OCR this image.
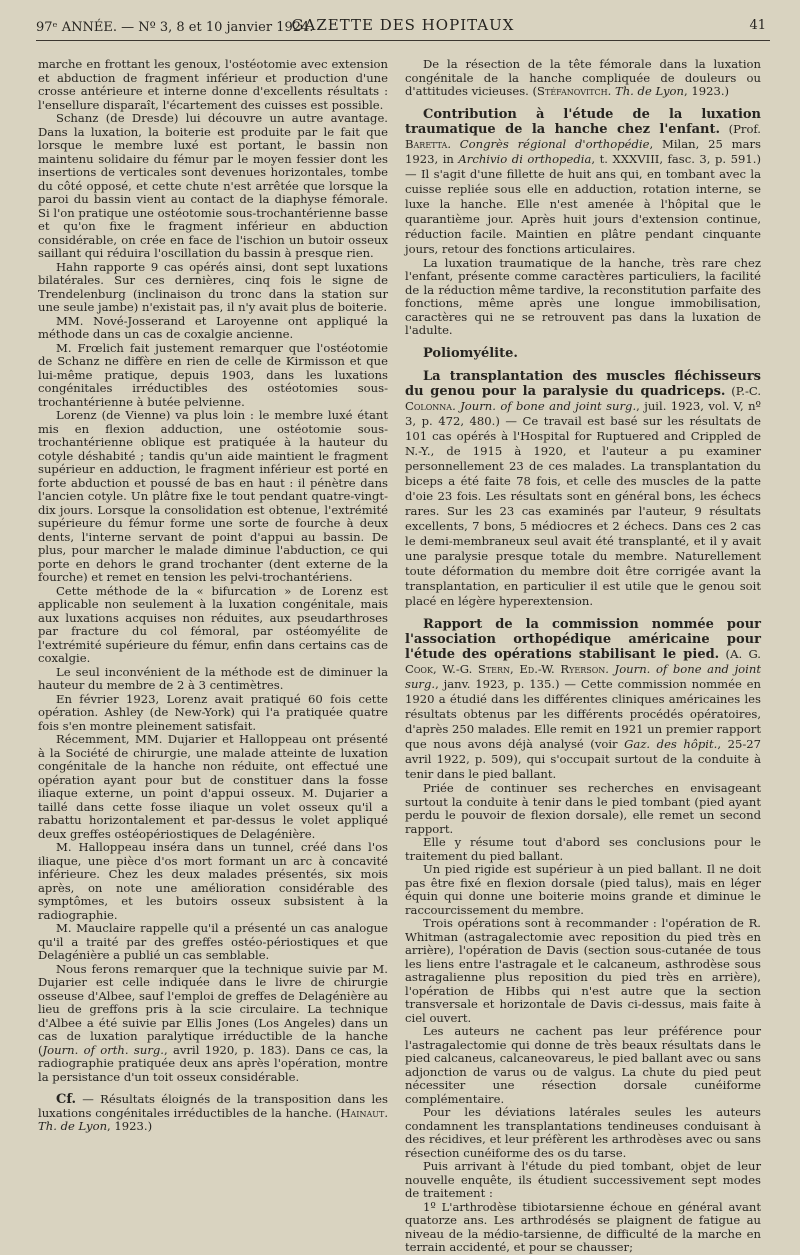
97ᵉ ANNÉE. — Nº 3, 8 et 10 janvier 1924.
GAZETTE DES HOPITAUX	41

marche en frottant les genoux, l'ostéotomie avec extension et abduction de fragment inférieur et production d'une crosse antérieure et interne donne d'excellents résultats : l'ensellure disparaît, l'écartement des cuisses est possible.

Schanz (de Dresde) lui découvre un autre avantage. Dans la luxation, la boiterie est produite par le fait que lorsque le membre luxé est portant, le bassin non maintenu solidaire du fémur par le moyen fessier dont les insertions de verticales sont devenues horizontales, tombe du côté opposé, et cette chute n'est arrêtée que lorsque la paroi du bassin vient au contact de la diaphyse fémorale. Si l'on pratique une ostéotomie sous-trochantérienne basse et qu'on fixe le fragment inférieur en abduction considérable, on crée en face de l'ischion un butoir osseux saillant qui réduira l'oscillation du bassin à presque rien.

Hahn rapporte 9 cas opérés ainsi, dont sept luxations bilatérales. Sur ces dernières, cinq fois le signe de Trendelenburg (inclinaison du tronc dans la station sur une seule jambe) n'existait pas, il n'y avait plus de boiterie.

MM. Nové-Josserand et Laroyenne ont appliqué la méthode dans un cas de coxalgie ancienne.

M. Frœlich fait justement remarquer que l'ostéotomie de Schanz ne diffère en rien de celle de Kirmisson et que lui-même pratique, depuis 1903, dans les luxations congénitales irréductibles des ostéotomies sous-trochantérienne à butée pelvienne.

Lorenz (de Vienne) va plus loin : le membre luxé étant mis en flexion adduction, une ostéotomie sous-trochantérienne oblique est pratiquée à la hauteur du cotyle déshabité ; tandis qu'un aide maintient le fragment supérieur en adduction, le fragment inférieur est porté en forte abduction et poussé de bas en haut : il pénètre dans l'ancien cotyle. Un plâtre fixe le tout pendant quatre-vingt-dix jours. Lorsque la consolidation est obtenue, l'extrémité supérieure du fémur forme une sorte de fourche à deux dents, l'interne servant de point d'appui au bassin. De plus, pour marcher le malade diminue l'abduction, ce qui porte en dehors le grand trochanter (dent externe de la fourche) et remet en tension les pelvi-trochantériens.

Cette méthode de la « bifurcation » de Lorenz est applicable non seulement à la luxation congénitale, mais aux luxations acquises non réduites, aux pseudarthroses par fracture du col fémoral, par ostéomyélite de l'extrémité supérieure du fémur, enfin dans certains cas de coxalgie.

Le seul inconvénient de la méthode est de diminuer la hauteur du membre de 2 à 3 centimètres.

En février 1923, Lorenz avait pratiqué 60 fois cette opération. Ashley (de New-York) qui l'a pratiquée quatre fois s'en montre pleinement satisfait.

Récemment, MM. Dujarier et Halloppeau ont présenté à la Société de chirurgie, une malade atteinte de luxation congénitale de la hanche non réduite, ont effectué une opération ayant pour but de constituer dans la fosse iliaque externe, un point d'appui osseux. M. Dujarier a taillé dans cette fosse iliaque un volet osseux qu'il a rabattu horizontalement et par-dessus le volet appliqué deux greffes ostéopériostiques de Delagénière.

M. Halloppeau inséra dans un tunnel, créé dans l'os iliaque, une pièce d'os mort formant un arc à concavité inférieure. Chez les deux malades présentés, six mois après, on note une amélioration considérable des symptômes, et les butoirs osseux subsistent à la radiographie.

M. Mauclaire rappelle qu'il a présenté un cas analogue qu'il a traité par des greffes ostéo-périostiques et que Delagénière a publié un cas semblable.

Nous ferons remarquer que la technique suivie par M. Dujarier est celle indiquée dans le livre de chirurgie osseuse d'Albee, sauf l'emploi de greffes de Delagénière au lieu de greffons pris à la scie circulaire. La technique d'Albee a été suivie par Ellis Jones (Los Angeles) dans un cas de luxation paralytique irréductible de la hanche (Journ. of orth. surg., avril 1920, p. 183). Dans ce cas, la radiographie pratiquée deux ans après l'opération, montre la persistance d'un toit osseux considérable.

Cf. — Résultats éloignés de la transposition dans les luxations congénitales irréductibles de la hanche. (Hainaut. Th. de Lyon, 1923.)

De la résection de la tête fémorale dans la luxation congénitale de la hanche compliquée de douleurs ou d'attitudes vicieuses. (Stéfanovitch. Th. de Lyon, 1923.)

Contribution à l'étude de la luxation traumatique de la hanche chez l'enfant. (Prof. Baretta. Congrès régional d'orthopédie, Milan, 25 mars 1923, in Archivio di orthopedia, t. XXXVIII, fasc. 3, p. 591.) — Il s'agit d'une fillette de huit ans qui, en tombant avec la cuisse repliée sous elle en adduction, rotation interne, se luxe la hanche. Elle n'est amenée à l'hôpital que le quarantième jour. Après huit jours d'extension continue, réduction facile. Maintien en plâtre pendant cinquante jours, retour des fonctions articulaires.

La luxation traumatique de la hanche, très rare chez l'enfant, présente comme caractères particuliers, la facilité de la réduction même tardive, la reconstitution parfaite des fonctions, même après une longue immobilisation, caractères qui ne se retrouvent pas dans la luxation de l'adulte.

Poliomyélite.
La transplantation des muscles fléchisseurs du genou pour la paralysie du quadriceps. (P.-C. Colonna. Journ. of bone and joint surg., juil. 1923, vol. V, nº 3, p. 472, 480.) — Ce travail est basé sur les résultats de 101 cas opérés à l'Hospital for Ruptuered and Crippled de N.-Y., de 1915 à 1920, et l'auteur a pu examiner personnellement 23 de ces malades. La transplantation du biceps a été faite 78 fois, et celle des muscles de la patte d'oie 23 fois. Les résultats sont en général bons, les échecs rares. Sur les 23 cas examinés par l'auteur, 9 résultats excellents, 7 bons, 5 médiocres et 2 échecs. Dans ces 2 cas le demi-membraneux seul avait été transplanté, et il y avait une paralysie presque totale du membre. Naturellement toute déformation du membre doit être corrigée avant la transplantation, en particulier il est utile que le genou soit placé en légère hyperextension.
Rapport de la commission nommée pour l'association orthopédique américaine pour l'étude des opérations stabilisant le pied. (A. G. Cook, W.-G. Stern, Ed.-W. Ryerson. Journ. of bone and joint surg., janv. 1923, p. 135.) — Cette commission nommée en 1920 a étudié dans les différentes cliniques américaines les résultats obtenus par les différents procédés opératoires, d'après 250 malades. Elle remit en 1921 un premier rapport que nous avons déjà analysé (voir Gaz. des hôpit., 25-27 avril 1922, p. 509), qui s'occupait surtout de la conduite à tenir dans le pied ballant.

Priée de continuer ses recherches en envisageant surtout la conduite à tenir dans le pied tombant (pied ayant perdu le pouvoir de flexion dorsale), elle remet un second rapport.

Elle y résume tout d'abord ses conclusions pour le traitement du pied ballant.

Un pied rigide est supérieur à un pied ballant. Il ne doit pas être fixé en flexion dorsale (pied talus), mais en léger équin qui donne une boiterie moins grande et diminue le raccourcissement du membre.

Trois opérations sont à recommander : l'opération de R. Whitman (astragalectomie avec reposition du pied très en arrière), l'opération de Davis (section sous-cutanée de tous les liens entre l'astragale et le calcaneum, asthrodèse sous astragalienne plus reposition du pied très en arrière), l'opération de Hibbs qui n'est autre que la section transversale et horizontale de Davis ci-dessus, mais faite à ciel ouvert.

Les auteurs ne cachent pas leur préférence pour l'astragalectomie qui donne de très beaux résultats dans le pied calcaneus, calcaneovareus, le pied ballant avec ou sans adjonction de varus ou de valgus. La chute du pied peut nécessiter une résection dorsale cunéiforme complémentaire.

Pour les déviations latérales seules les auteurs condamnent les transplantations tendineuses conduisant à des récidives, et leur préfèrent les arthrodèses avec ou sans résection cunéiforme des os du tarse.

Puis arrivant à l'étude du pied tombant, objet de leur nouvelle enquête, ils étudient successivement sept modes de traitement :

1º L'arthrodèse tibiotarsienne échoue en général avant quatorze ans. Les arthrodésés se plaignent de fatigue au niveau de la médio-tarsienne, de difficulté de la marche en terrain accidenté, et pour se chausser;
